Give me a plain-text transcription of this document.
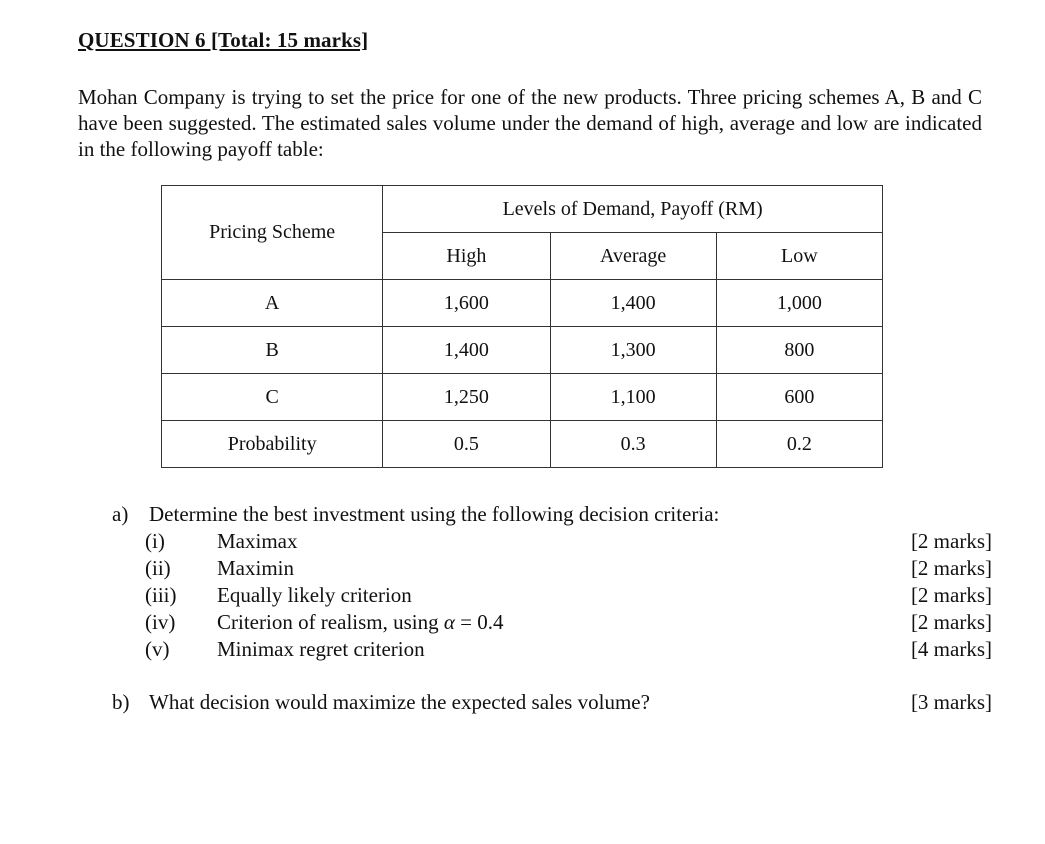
QUESTION 6 [Total: 15 marks]
Mohan Company is trying to set the price for one of the new products. Three pricing schemes A, B and C have been suggested. The estimated sales volume under the demand of high, average and low are indicated in the following payoff table:
Pricing Scheme	Levels of Demand, Payoff (RM)		
	High	Average	Low
A	1,600	1,400	1,000
B	1,400	1,300	800
C	1,250	1,100	600
Probability	0.5	0.3	0.2
a) Determine the best investment using the following decision criteria:
(i) Maximax	[2 marks]
(ii) Maximin	[2 marks]
(iii) Equally likely criterion	[2 marks]
(iv) Criterion of realism, using α = 0.4	[2 marks]
(v) Minimax regret criterion	[4 marks]
b) What decision would maximize the expected sales volume?	[3 marks]
